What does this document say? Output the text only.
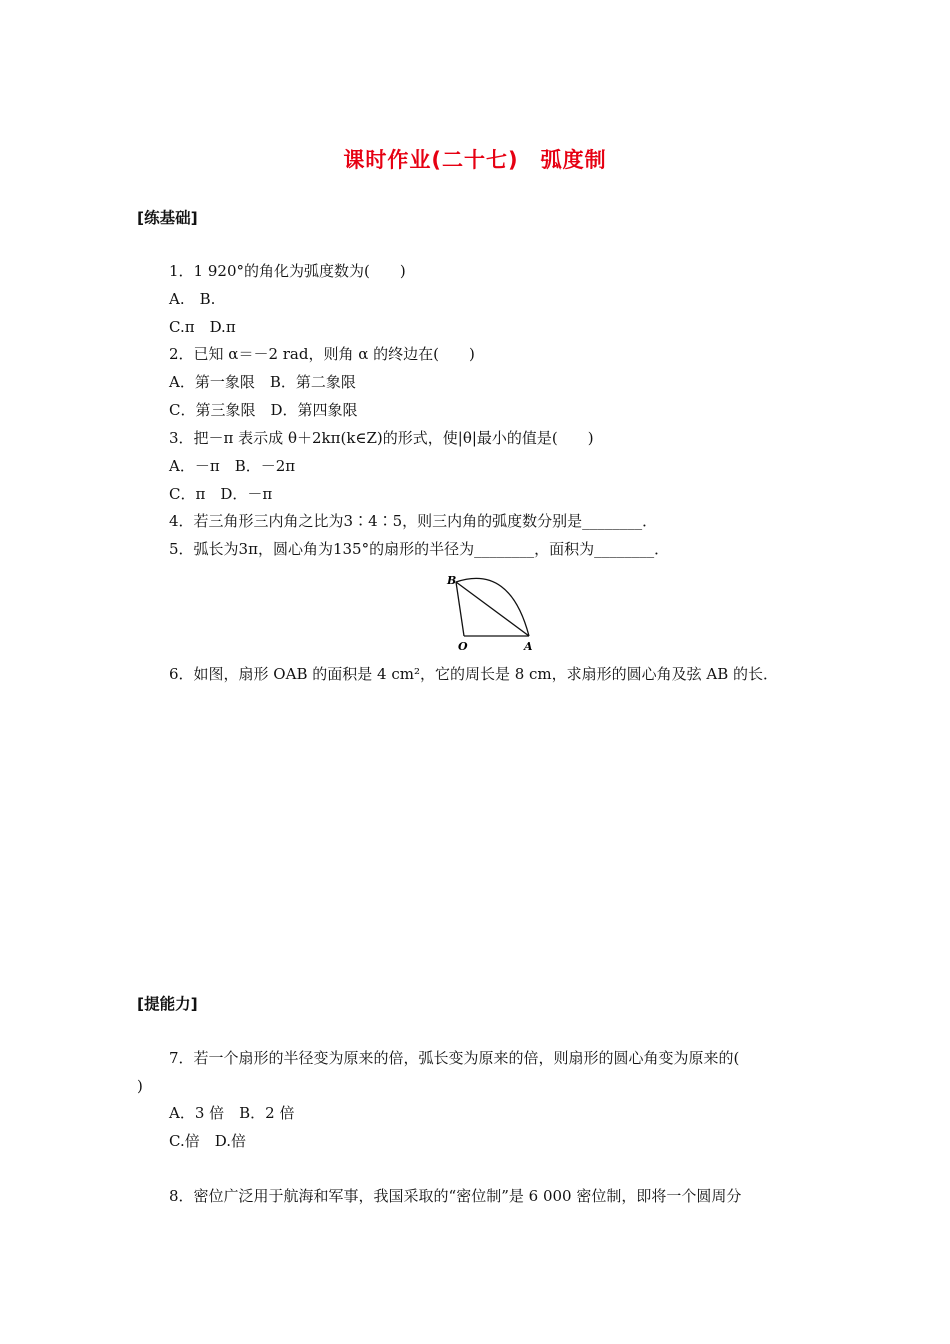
课时作业(二十七)　弧度制
[练基础]
1．1 920°的角化为弧度数为(　　)
A.　B.
C.π　D.π
2．已知 α＝－2 rad，则角 α 的终边在(　　)
A．第一象限　B．第二象限
C．第三象限　D．第四象限
3．把－π 表示成 θ＋2kπ(k∈Z)的形式，使|θ|最小的值是(　　)
A．－π　B．－2π
C．π　D．－π
4．若三角形三内角之比为3∶4∶5，则三内角的弧度数分别是________．
5．弧长为3π，圆心角为135°的扇形的半径为________，面积为________．
B
O	A
6．如图，扇形 OAB 的面积是 4 cm²，它的周长是 8 cm，求扇形的圆心角及弦 AB 的长．
[提能力]
7．若一个扇形的半径变为原来的倍，弧长变为原来的倍，则扇形的圆心角变为原来的(
)
A．3 倍　B．2 倍
C.倍　D.倍
8．密位广泛用于航海和军事，我国采取的“密位制”是 6 000 密位制，即将一个圆周分
